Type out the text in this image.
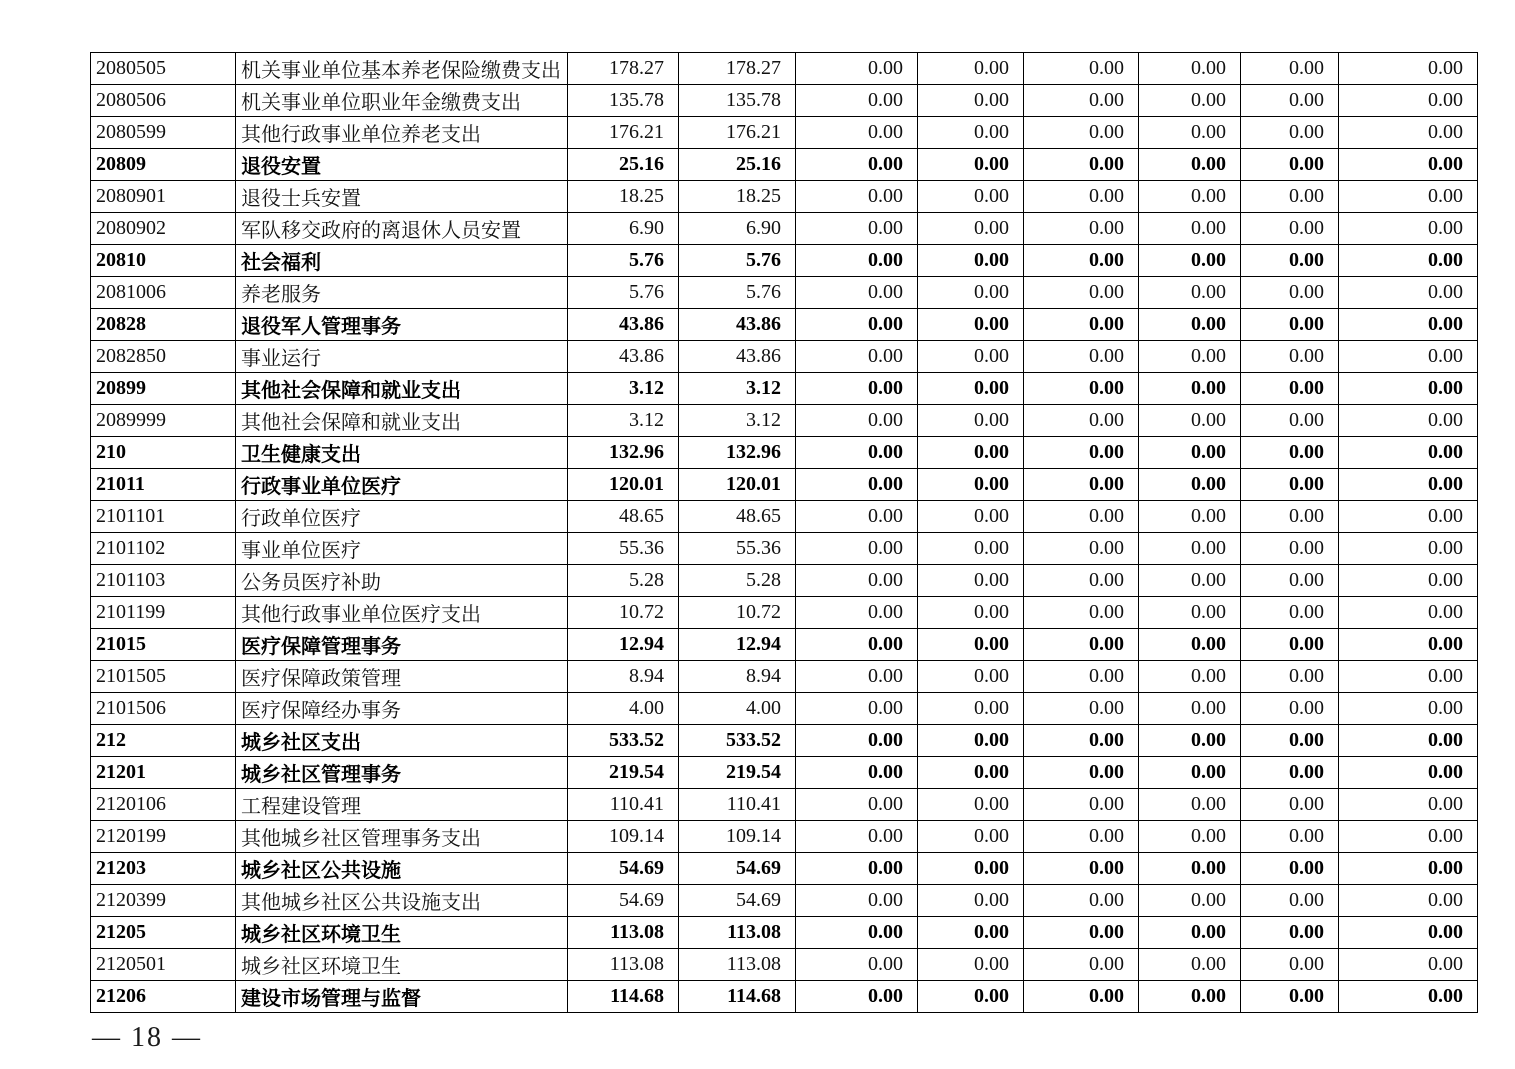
2080505	机关事业单位基本养老保险缴费支出	178.27	178.27	0.00	0.00	0.00	0.00	0.00	0.00
2080506	机关事业单位职业年金缴费支出	135.78	135.78	0.00	0.00	0.00	0.00	0.00	0.00
2080599	其他行政事业单位养老支出	176.21	176.21	0.00	0.00	0.00	0.00	0.00	0.00
20809	退役安置	25.16	25.16	0.00	0.00	0.00	0.00	0.00	0.00
2080901	退役士兵安置	18.25	18.25	0.00	0.00	0.00	0.00	0.00	0.00
2080902	军队移交政府的离退休人员安置	6.90	6.90	0.00	0.00	0.00	0.00	0.00	0.00
20810	社会福利	5.76	5.76	0.00	0.00	0.00	0.00	0.00	0.00
2081006	养老服务	5.76	5.76	0.00	0.00	0.00	0.00	0.00	0.00
20828	退役军人管理事务	43.86	43.86	0.00	0.00	0.00	0.00	0.00	0.00
2082850	事业运行	43.86	43.86	0.00	0.00	0.00	0.00	0.00	0.00
20899	其他社会保障和就业支出	3.12	3.12	0.00	0.00	0.00	0.00	0.00	0.00
2089999	其他社会保障和就业支出	3.12	3.12	0.00	0.00	0.00	0.00	0.00	0.00
210	卫生健康支出	132.96	132.96	0.00	0.00	0.00	0.00	0.00	0.00
21011	行政事业单位医疗	120.01	120.01	0.00	0.00	0.00	0.00	0.00	0.00
2101101	行政单位医疗	48.65	48.65	0.00	0.00	0.00	0.00	0.00	0.00
2101102	事业单位医疗	55.36	55.36	0.00	0.00	0.00	0.00	0.00	0.00
2101103	公务员医疗补助	5.28	5.28	0.00	0.00	0.00	0.00	0.00	0.00
2101199	其他行政事业单位医疗支出	10.72	10.72	0.00	0.00	0.00	0.00	0.00	0.00
21015	医疗保障管理事务	12.94	12.94	0.00	0.00	0.00	0.00	0.00	0.00
2101505	医疗保障政策管理	8.94	8.94	0.00	0.00	0.00	0.00	0.00	0.00
2101506	医疗保障经办事务	4.00	4.00	0.00	0.00	0.00	0.00	0.00	0.00
212	城乡社区支出	533.52	533.52	0.00	0.00	0.00	0.00	0.00	0.00
21201	城乡社区管理事务	219.54	219.54	0.00	0.00	0.00	0.00	0.00	0.00
2120106	工程建设管理	110.41	110.41	0.00	0.00	0.00	0.00	0.00	0.00
2120199	其他城乡社区管理事务支出	109.14	109.14	0.00	0.00	0.00	0.00	0.00	0.00
21203	城乡社区公共设施	54.69	54.69	0.00	0.00	0.00	0.00	0.00	0.00
2120399	其他城乡社区公共设施支出	54.69	54.69	0.00	0.00	0.00	0.00	0.00	0.00
21205	城乡社区环境卫生	113.08	113.08	0.00	0.00	0.00	0.00	0.00	0.00
2120501	城乡社区环境卫生	113.08	113.08	0.00	0.00	0.00	0.00	0.00	0.00
21206	建设市场管理与监督	114.68	114.68	0.00	0.00	0.00	0.00	0.00	0.00
— 18 —
